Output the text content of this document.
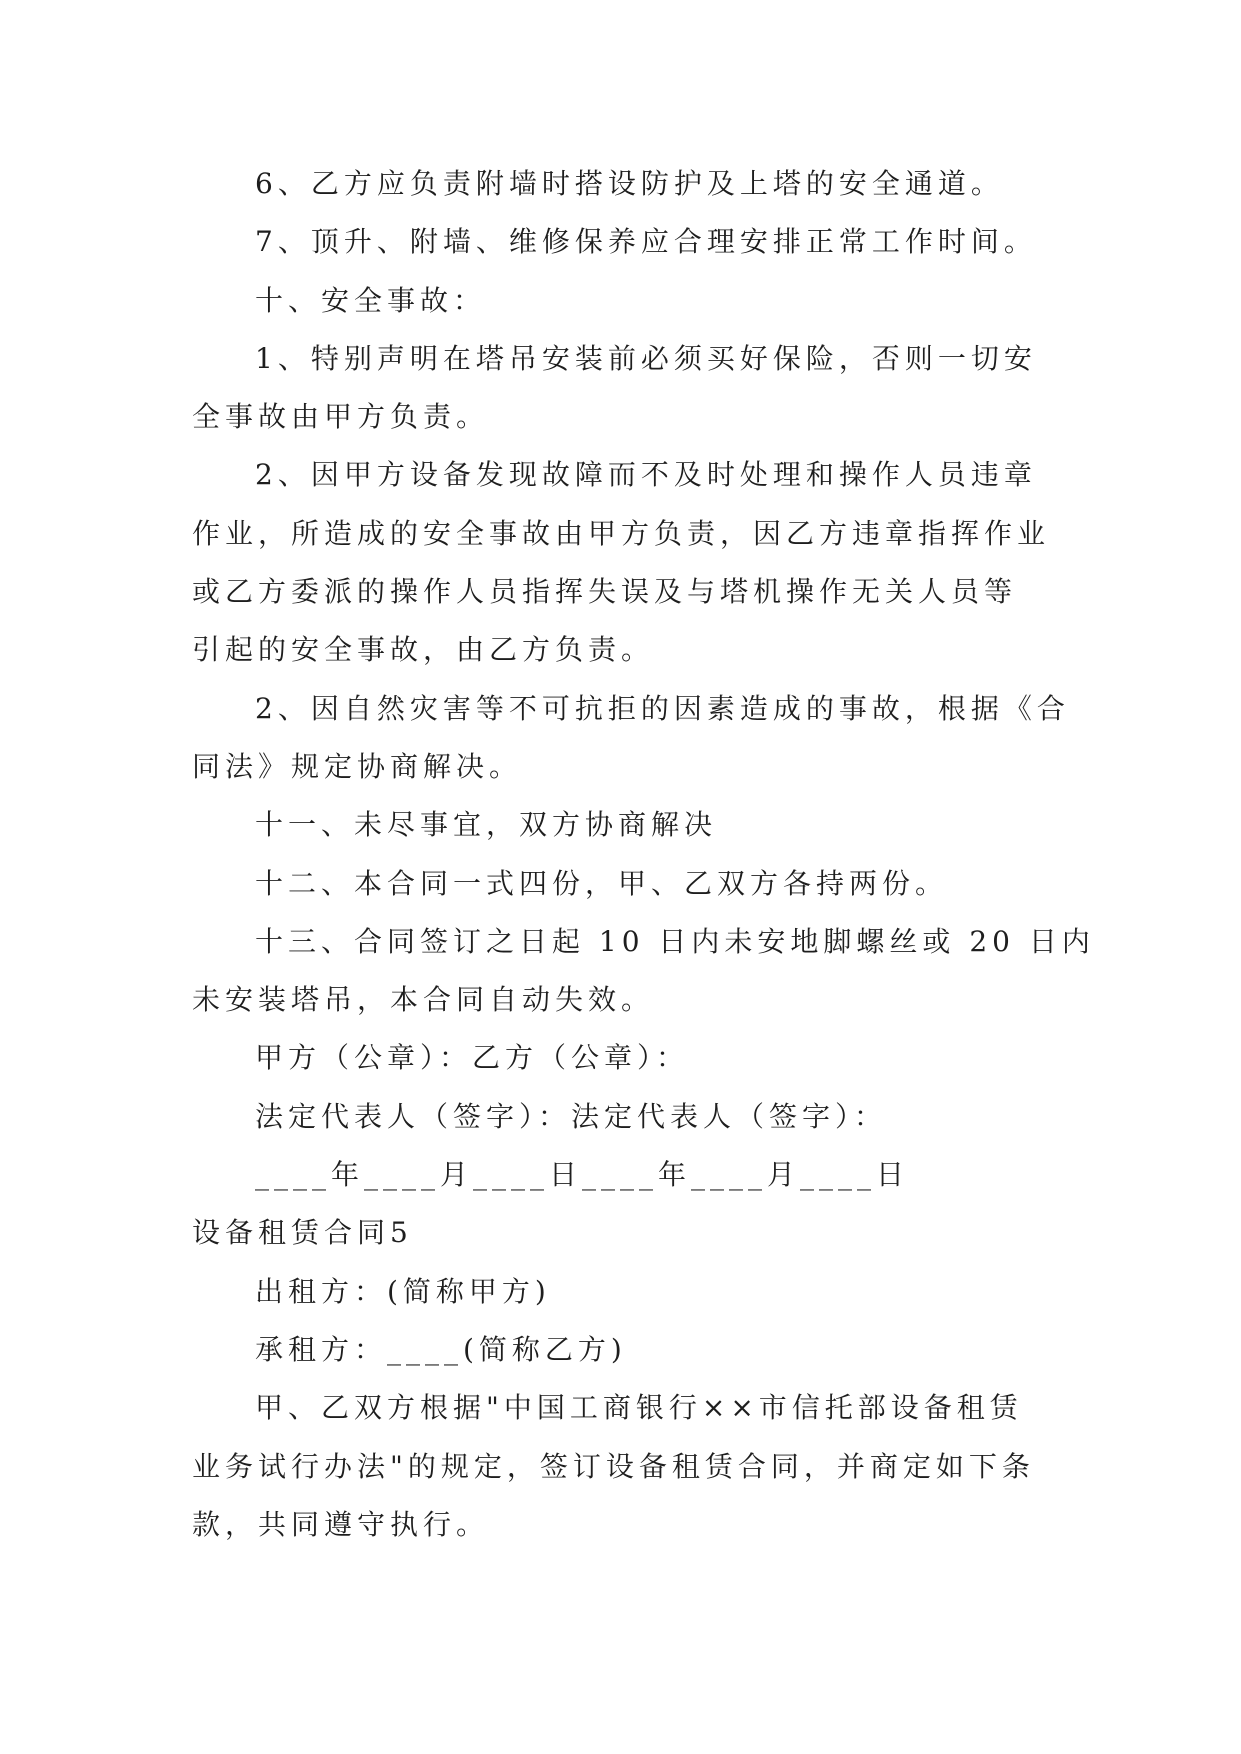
6、乙方应负责附墙时搭设防护及上塔的安全通道。
7、顶升、附墙、维修保养应合理安排正常工作时间。
十、安全事故：
1、特别声明在塔吊安装前必须买好保险，否则一切安
全事故由甲方负责。
2、因甲方设备发现故障而不及时处理和操作人员违章
作业，所造成的安全事故由甲方负责，因乙方违章指挥作业
或乙方委派的操作人员指挥失误及与塔机操作无关人员等
引起的安全事故，由乙方负责。
2、因自然灾害等不可抗拒的因素造成的事故，根据《合
同法》规定协商解决。
十一、未尽事宜，双方协商解决
十二、本合同一式四份，甲、乙双方各持两份。
十三、合同签订之日起 10 日内未安地脚螺丝或 20 日内
未安装塔吊，本合同自动失效。
甲方（公章）：乙方（公章）：
法定代表人（签字）：法定代表人（签字）：
____年____月____日____年____月____日
设备租赁合同5
出租方：(简称甲方)
承租方：____(简称乙方)
甲、乙双方根据"中国工商银行××市信托部设备租赁
业务试行办法"的规定，签订设备租赁合同，并商定如下条
款，共同遵守执行。
